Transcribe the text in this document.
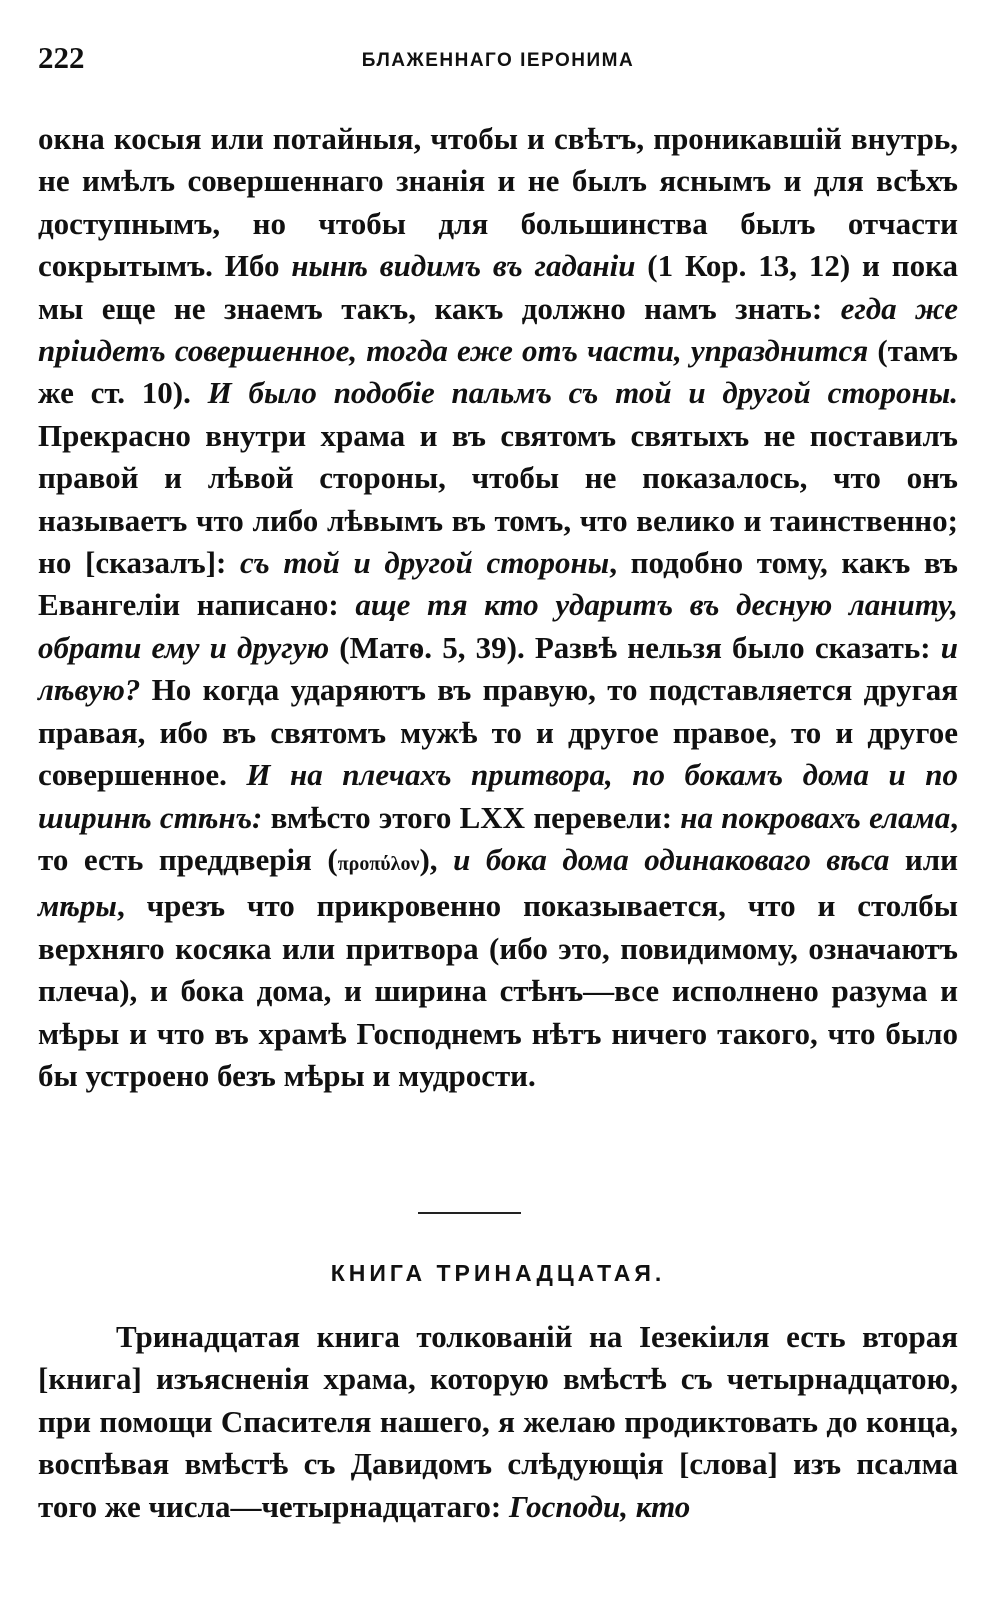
222	БЛАЖЕННАГО ІЕРОНИМА

окна косыя или потайныя, чтобы и свѣтъ, проникавшій внутрь, не имѣлъ совершеннаго знанія и не былъ яснымъ и для всѣхъ доступнымъ, но чтобы для большинства былъ отчасти сокрытымъ. Ибо нынѣ видимъ въ гаданіи (1 Кор. 13, 12) и пока мы еще не знаемъ такъ, какъ должно намъ знать: егда же пріидетъ совершенное, тогда еже отъ части, упразднится (тамъ же ст. 10). И было подобіе пальмъ съ той и другой стороны. Прекрасно внутри храма и въ святомъ святыхъ не поставилъ правой и лѣвой стороны, чтобы не показалось, что онъ называетъ что либо лѣвымъ въ томъ, что велико и таинственно; но [сказалъ]: съ той и другой стороны, подобно тому, какъ въ Евангеліи написано: аще тя кто ударитъ въ десную ланиту, обрати ему и другую (Матѳ. 5, 39). Развѣ нельзя было сказать: и лѣвую? Но когда ударяютъ въ правую, то подставляется другая правая, ибо въ святомъ мужѣ то и другое правое, то и другое совершенное. И на плечахъ притвора, по бокамъ дома и по ширинѣ стѣнъ: вмѣсто этого LXX перевели: на покровахъ елама, то есть преддверія (προπύλον), и бока дома одинаковаго вѣса или мѣры, чрезъ что прикровенно показывается, что и столбы верхняго косяка или притвора (ибо это, повидимому, означаютъ плеча), и бока дома, и ширина стѣнъ—все исполнено разума и мѣры и что въ храмѣ Господнемъ нѣтъ ничего такого, что было бы устроено безъ мѣры и мудрости.

КНИГА ТРИНАДЦАТАЯ.

Тринадцатая книга толкованій на Іезекіиля есть вторая [книга] изъясненія храма, которую вмѣстѣ съ четырнадцатою, при помощи Спасителя нашего, я желаю продиктовать до конца, воспѣвая вмѣстѣ съ Давидомъ слѣдующія [слова] изъ псалма того же числа—четырнадцатаго: Господи, кто
